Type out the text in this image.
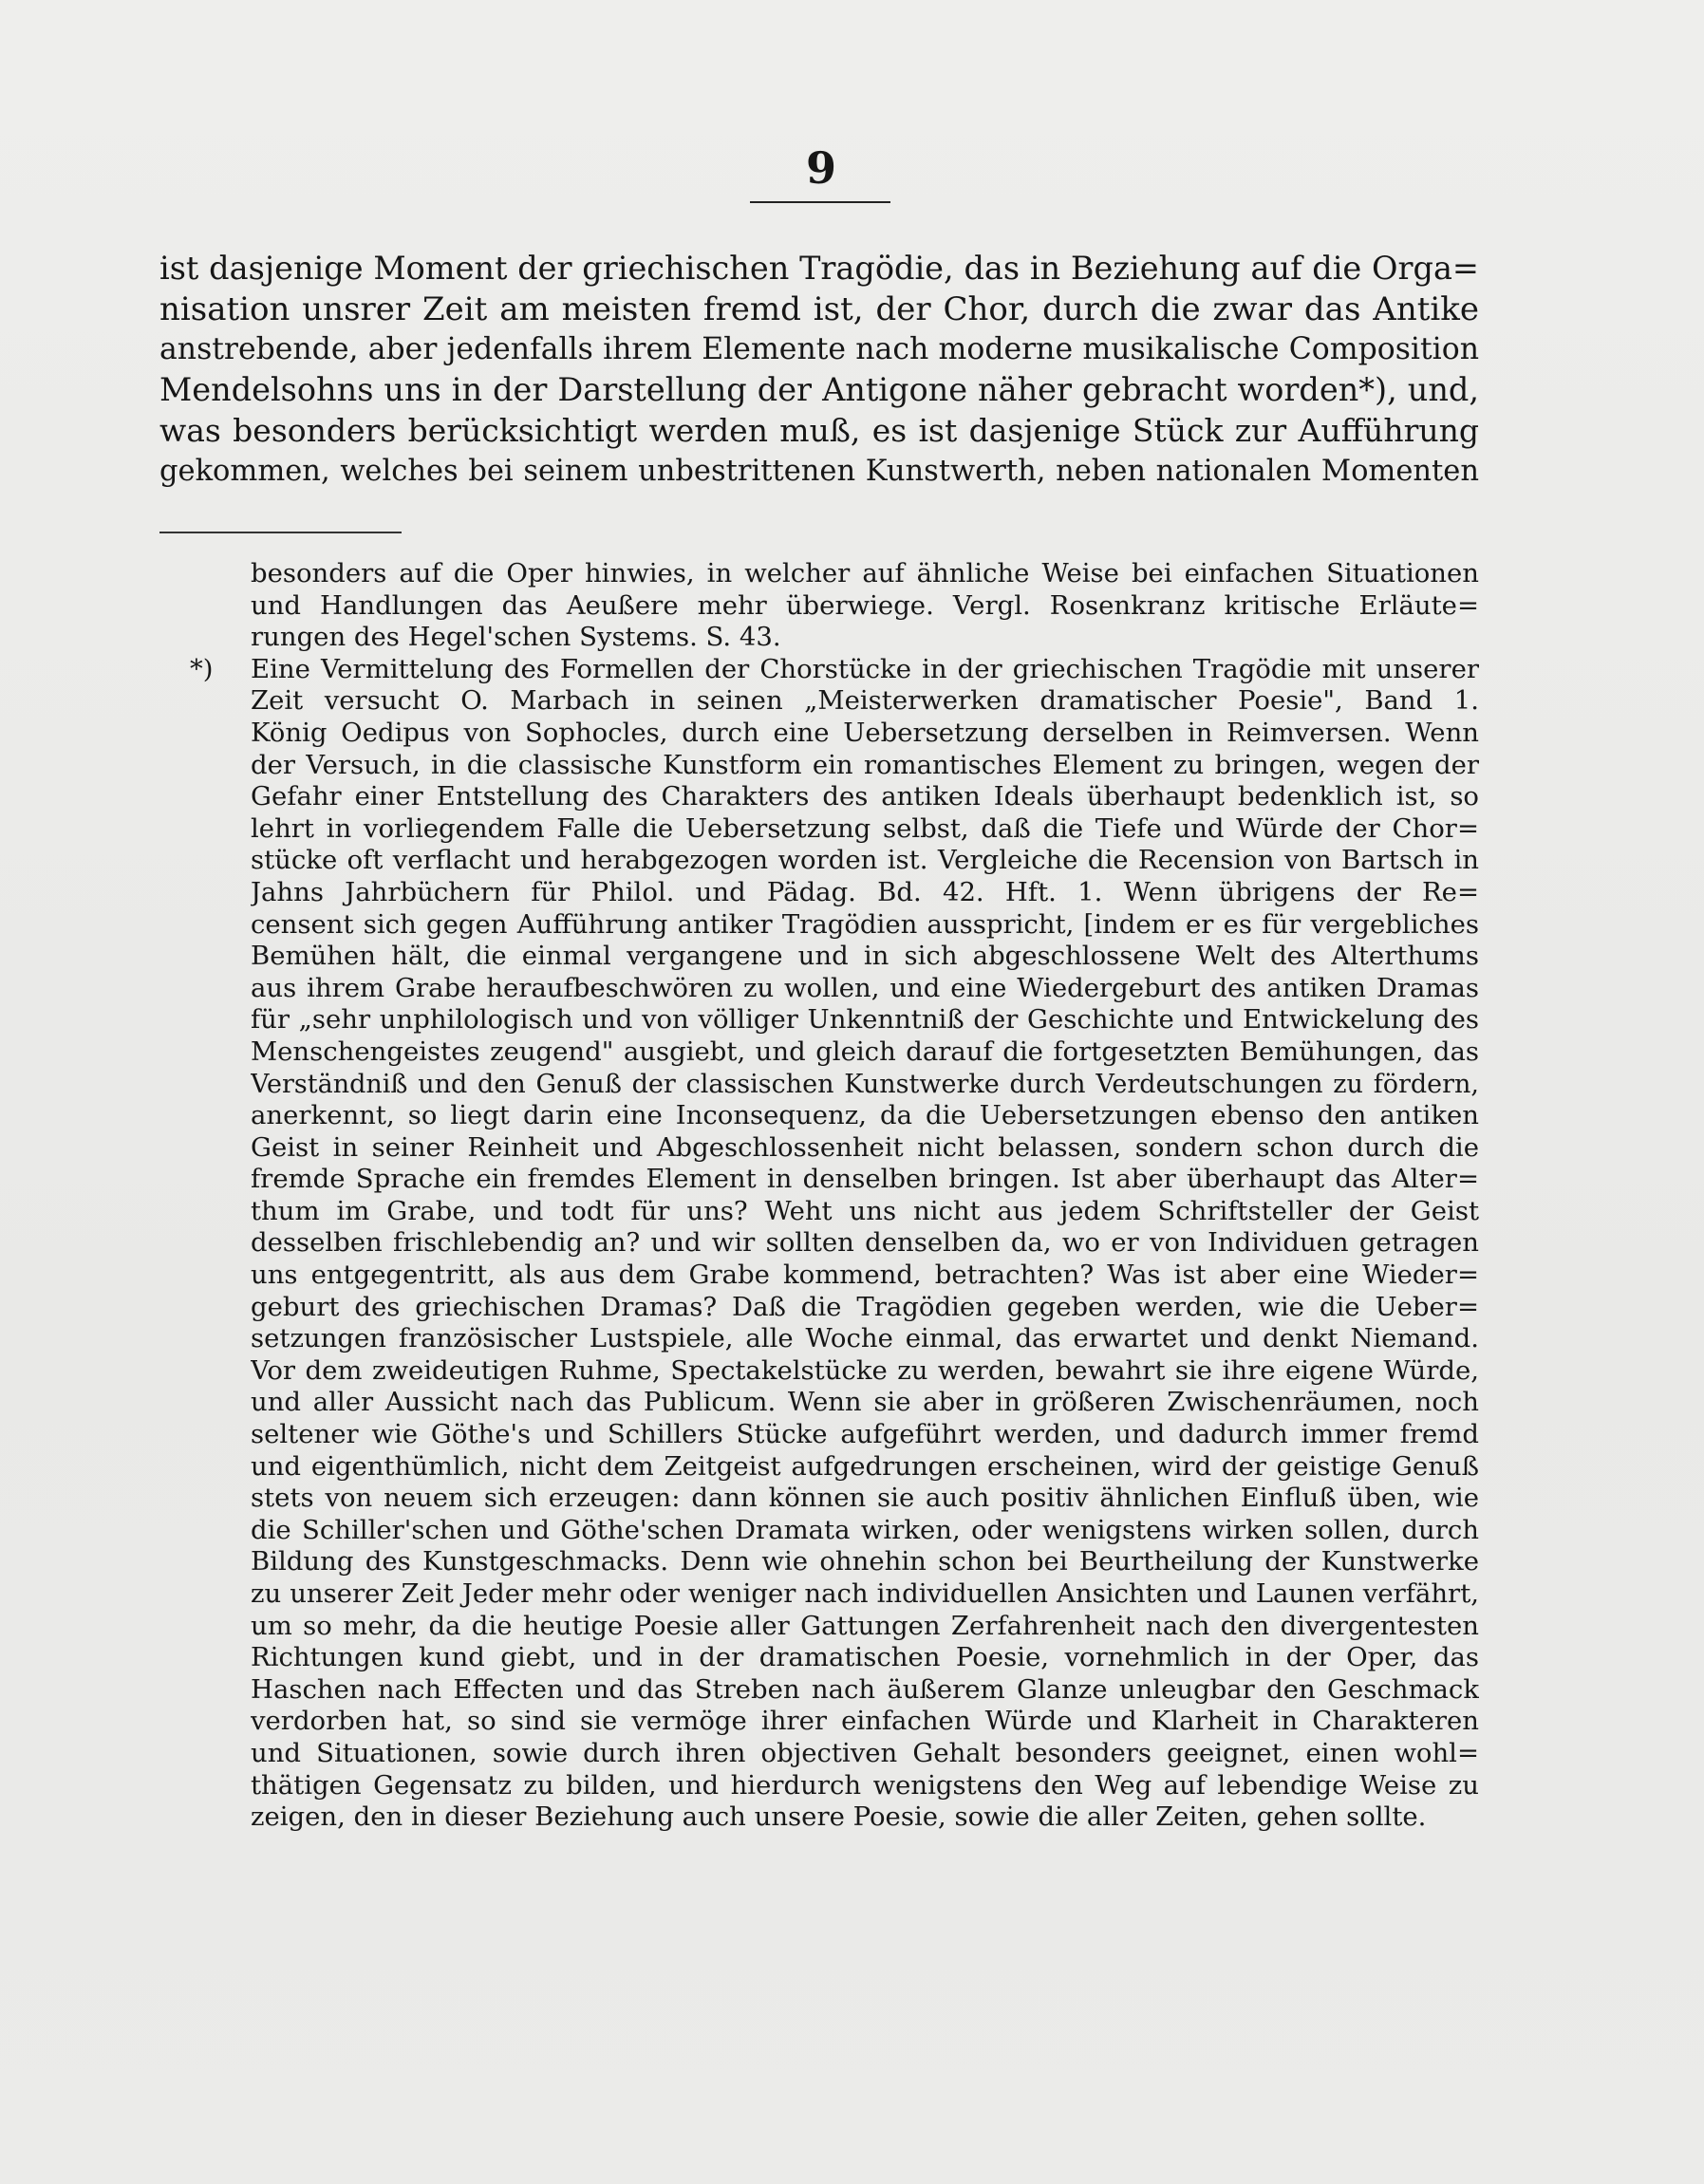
9
ist dasjenige Moment der griechischen Tragödie, das in Beziehung auf die Orga=
nisation unsrer Zeit am meisten fremd ist, der Chor, durch die zwar das Antike
anstrebende, aber jedenfalls ihrem Elemente nach moderne musikalische Composition
Mendelsohns uns in der Darstellung der Antigone näher gebracht worden*), und,
was besonders berücksichtigt werden muß, es ist dasjenige Stück zur Aufführung
gekommen, welches bei seinem unbestrittenen Kunstwerth, neben nationalen Momenten
besonders auf die Oper hinwies, in welcher auf ähnliche Weise bei einfachen Situationen
und Handlungen das Aeußere mehr überwiege. Vergl. Rosenkranz kritische Erläute=
rungen des Hegel'schen Systems. S. 43.
*) Eine Vermittelung des Formellen der Chorstücke in der griechischen Tragödie mit unserer
Zeit versucht O. Marbach in seinen „Meisterwerken dramatischer Poesie", Band 1.
König Oedipus von Sophocles, durch eine Uebersetzung derselben in Reimversen. Wenn
der Versuch, in die classische Kunstform ein romantisches Element zu bringen, wegen der
Gefahr einer Entstellung des Charakters des antiken Ideals überhaupt bedenklich ist, so
lehrt in vorliegendem Falle die Uebersetzung selbst, daß die Tiefe und Würde der Chor=
stücke oft verflacht und herabgezogen worden ist. Vergleiche die Recension von Bartsch in
Jahns Jahrbüchern für Philol. und Pädag. Bd. 42. Hft. 1. Wenn übrigens der Re=
censent sich gegen Aufführung antiker Tragödien ausspricht, [indem er es für vergebliches
Bemühen hält, die einmal vergangene und in sich abgeschlossene Welt des Alterthums
aus ihrem Grabe heraufbeschwören zu wollen, und eine Wiedergeburt des antiken Dramas
für „sehr unphilologisch und von völliger Unkenntniß der Geschichte und Entwickelung des
Menschengeistes zeugend" ausgiebt, und gleich darauf die fortgesetzten Bemühungen, das
Verständniß und den Genuß der classischen Kunstwerke durch Verdeutschungen zu fördern,
anerkennt, so liegt darin eine Inconsequenz, da die Uebersetzungen ebenso den antiken
Geist in seiner Reinheit und Abgeschlossenheit nicht belassen, sondern schon durch die
fremde Sprache ein fremdes Element in denselben bringen. Ist aber überhaupt das Alter=
thum im Grabe, und todt für uns? Weht uns nicht aus jedem Schriftsteller der Geist
desselben frischlebendig an? und wir sollten denselben da, wo er von Individuen getragen
uns entgegentritt, als aus dem Grabe kommend, betrachten? Was ist aber eine Wieder=
geburt des griechischen Dramas? Daß die Tragödien gegeben werden, wie die Ueber=
setzungen französischer Lustspiele, alle Woche einmal, das erwartet und denkt Niemand.
Vor dem zweideutigen Ruhme, Spectakelstücke zu werden, bewahrt sie ihre eigene Würde,
und aller Aussicht nach das Publicum. Wenn sie aber in größeren Zwischenräumen, noch
seltener wie Göthe's und Schillers Stücke aufgeführt werden, und dadurch immer fremd
und eigenthümlich, nicht dem Zeitgeist aufgedrungen erscheinen, wird der geistige Genuß
stets von neuem sich erzeugen: dann können sie auch positiv ähnlichen Einfluß üben, wie
die Schiller'schen und Göthe'schen Dramata wirken, oder wenigstens wirken sollen, durch
Bildung des Kunstgeschmacks. Denn wie ohnehin schon bei Beurtheilung der Kunstwerke
zu unserer Zeit Jeder mehr oder weniger nach individuellen Ansichten und Launen verfährt,
um so mehr, da die heutige Poesie aller Gattungen Zerfahrenheit nach den divergentesten
Richtungen kund giebt, und in der dramatischen Poesie, vornehmlich in der Oper, das
Haschen nach Effecten und das Streben nach äußerem Glanze unleugbar den Geschmack
verdorben hat, so sind sie vermöge ihrer einfachen Würde und Klarheit in Charakteren
und Situationen, sowie durch ihren objectiven Gehalt besonders geeignet, einen wohl=
thätigen Gegensatz zu bilden, und hierdurch wenigstens den Weg auf lebendige Weise zu
zeigen, den in dieser Beziehung auch unsere Poesie, sowie die aller Zeiten, gehen sollte.
